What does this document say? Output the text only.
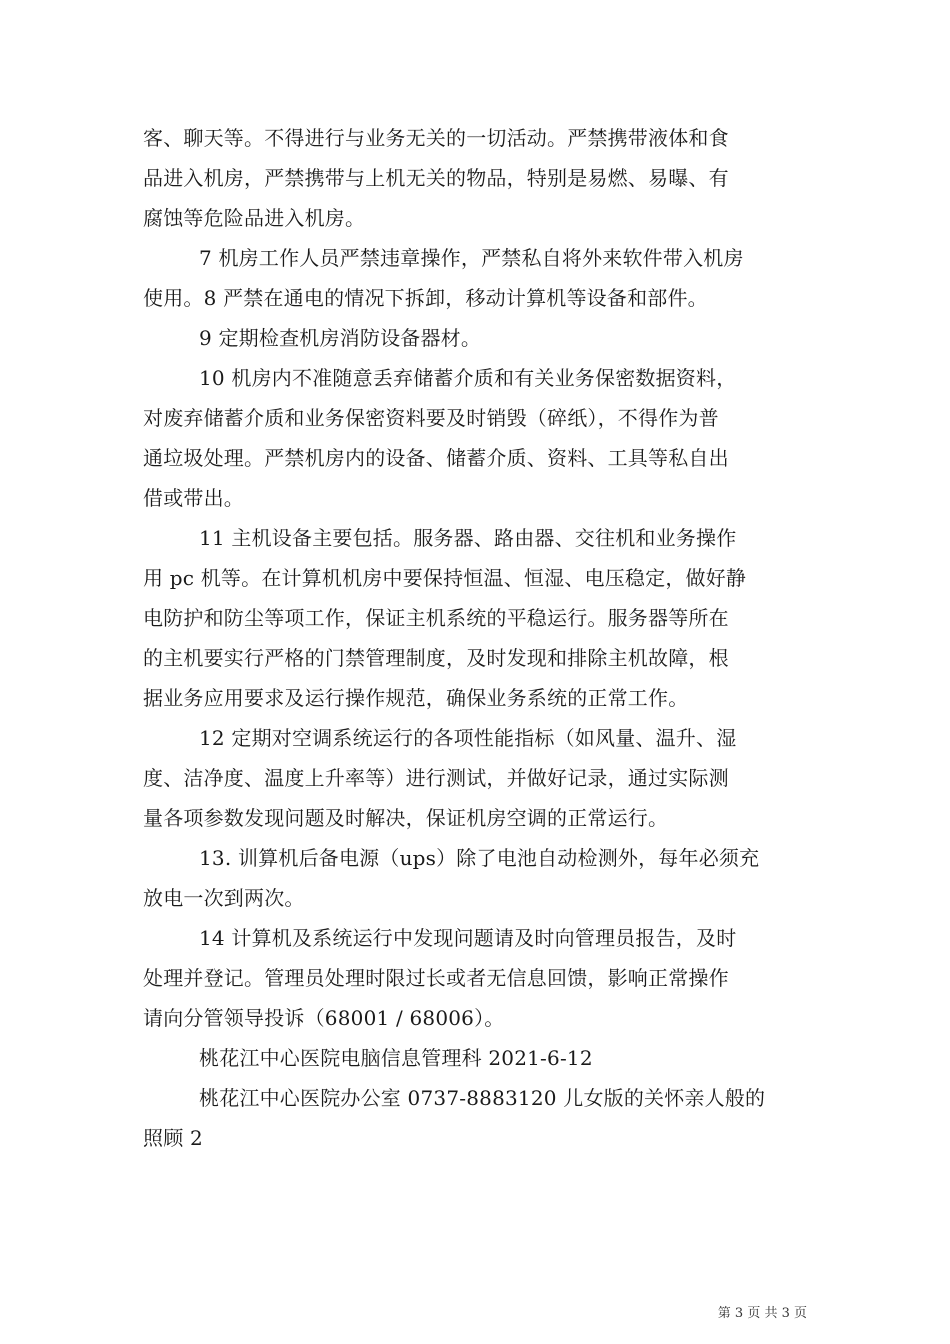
客、聊天等。不得进行与业务无关的一切活动。严禁携带液体和食
品进入机房，严禁携带与上机无关的物品，特别是易燃、易曝、有
腐蚀等危险品进入机房。
7 机房工作人员严禁违章操作，严禁私自将外来软件带入机房
使用。8 严禁在通电的情况下拆卸，移动计算机等设备和部件。
9 定期检查机房消防设备器材。
10 机房内不准随意丢弃储蓄介质和有关业务保密数据资料，
对废弃储蓄介质和业务保密资料要及时销毁（碎纸），不得作为普
通垃圾处理。严禁机房内的设备、储蓄介质、资料、工具等私自出
借或带出。
11 主机设备主要包括。服务器、路由器、交往机和业务操作
用 pc 机等。在计算机机房中要保持恒温、恒湿、电压稳定，做好静
电防护和防尘等项工作，保证主机系统的平稳运行。服务器等所在
的主机要实行严格的门禁管理制度，及时发现和排除主机故障，根
据业务应用要求及运行操作规范，确保业务系统的正常工作。
12 定期对空调系统运行的各项性能指标（如风量、温升、湿
度、洁净度、温度上升率等）进行测试，并做好记录，通过实际测
量各项参数发现问题及时解决，保证机房空调的正常运行。
13. 训算机后备电源（ups）除了电池自动检测外，每年必须充
放电一次到两次。
14 计算机及系统运行中发现问题请及时向管理员报告，及时
处理并登记。管理员处理时限过长或者无信息回馈，影响正常操作
请向分管领导投诉（68001 / 68006）。
桃花江中心医院电脑信息管理科 2021-6-12
桃花江中心医院办公室 0737-8883120 儿女版的关怀亲人般的
照顾 2
第 3 页 共 3 页
